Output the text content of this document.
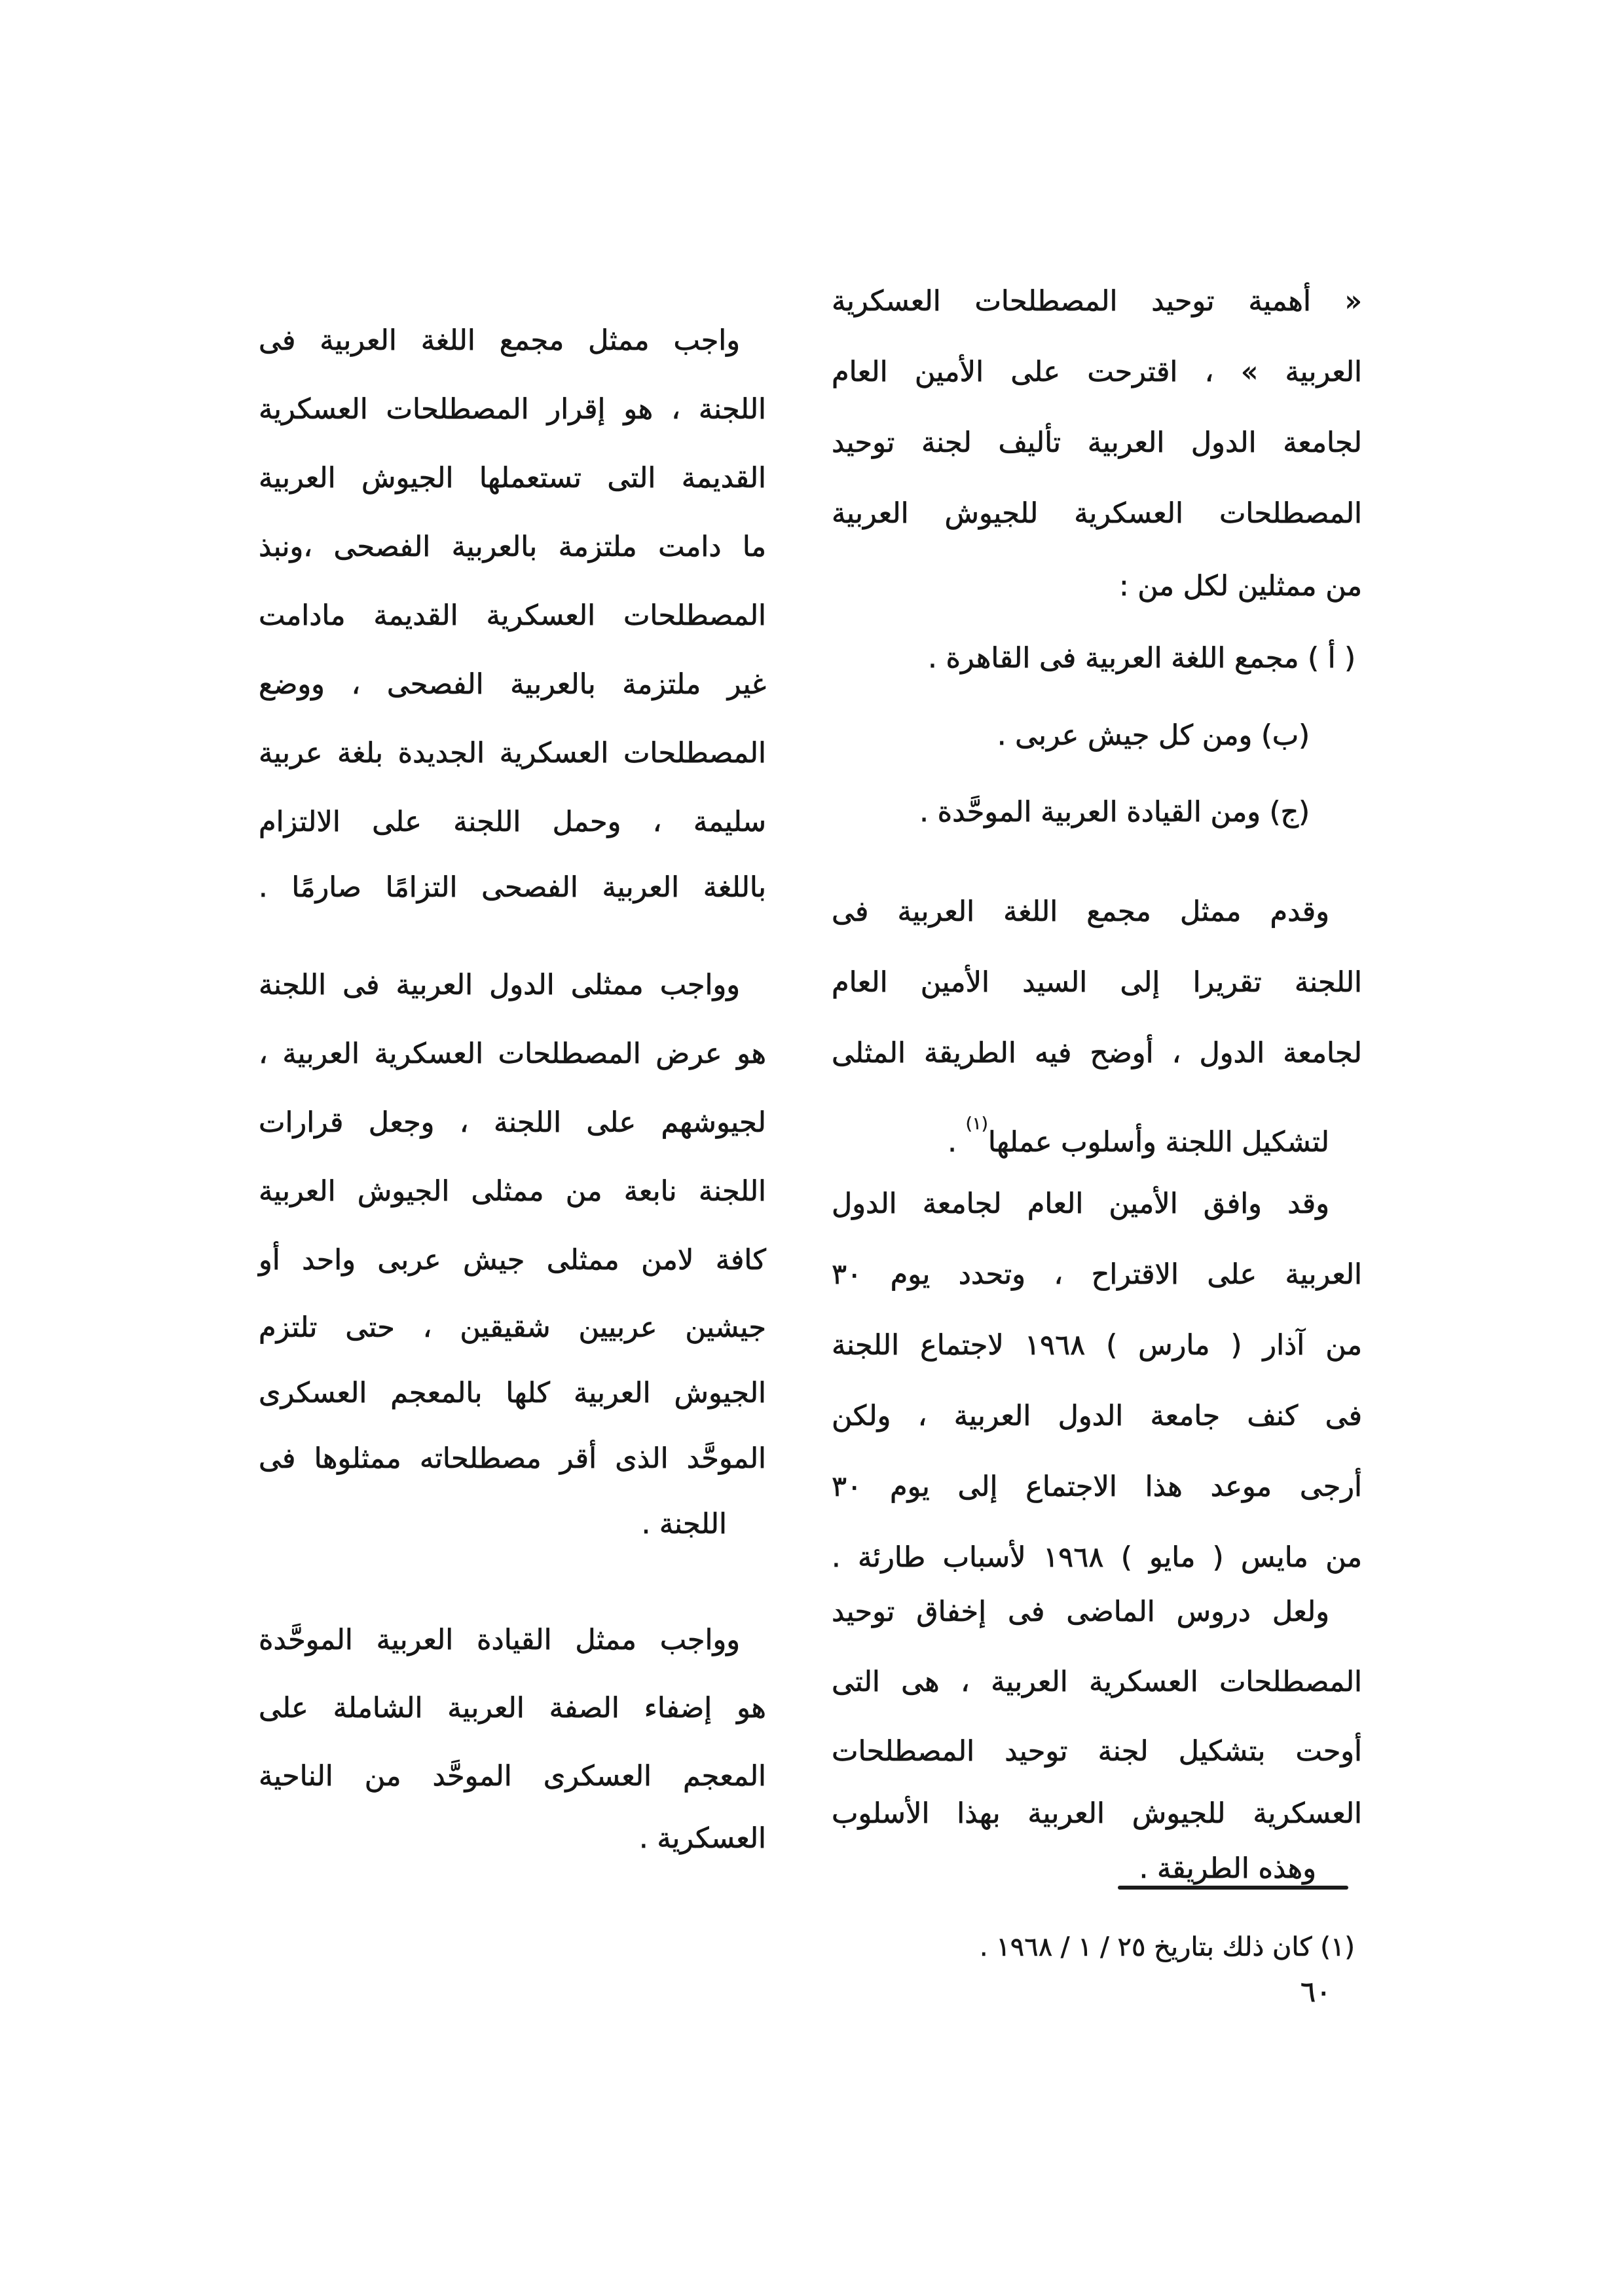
« أهمية توحيد المصطلحات العسكرية
العربية » ، اقترحت على الأمين العام
لجامعة الدول العربية تأليف لجنة توحيد
المصطلحات العسكرية للجيوش العربية
من ممثلين لكل من :
( أ ) مجمع اللغة العربية فى القاهرة .
(ب) ومن كل جيش عربى .
(ج) ومن القيادة العربية الموحَّدة .
وقدم ممثل مجمع اللغة العربية فى
اللجنة تقريرا إلى السيد الأمين العام
لجامعة الدول ، أوضح فيه الطريقة المثلى
لتشكيل اللجنة وأسلوب عملها$^{(١)}$ .
وقد وافق الأمين العام لجامعة الدول
العربية على الاقتراح ، وتحدد يوم ٣٠
من آذار ( مارس ) ١٩٦٨ لاجتماع اللجنة
فى كنف جامعة الدول العربية ، ولكن
أرجى موعد هذا الاجتماع إلى يوم ٣٠
من مايس ( مايو ) ١٩٦٨ لأسباب طارئة .
ولعل دروس الماضى فى إخفاق توحيد
المصطلحات العسكرية العربية ، هى التى
أوحت بتشكيل لجنة توحيد المصطلحات
العسكرية للجيوش العربية بهذا الأسلوب
وهذه الطريقة .
واجب ممثل مجمع اللغة العربية فى
اللجنة ، هو إقرار المصطلحات العسكرية
القديمة التى تستعملها الجيوش العربية
ما دامت ملتزمة بالعربية الفصحى ،ونبذ
المصطلحات العسكرية القديمة مادامت
غير ملتزمة بالعربية الفصحى ، ووضع
المصطلحات العسكرية الجديدة بلغة عربية
سليمة ، وحمل اللجنة على الالتزام
باللغة العربية الفصحى التزامًا صارمًا .
وواجب ممثلى الدول العربية فى اللجنة
هو عرض المصطلحات العسكرية العربية ،
لجيوشهم على اللجنة ، وجعل قرارات
اللجنة نابعة من ممثلى الجيوش العربية
كافة لامن ممثلى جيش عربى واحد أو
جيشين عربيين شقيقين ، حتى تلتزم
الجيوش العربية كلها بالمعجم العسكرى
الموحَّد الذى أقر مصطلحاته ممثلوها فى
اللجنة .
وواجب ممثل القيادة العربية الموحَّدة
هو إضفاء الصفة العربية الشاملة على
المعجم العسكرى الموحَّد من الناحية
العسكرية .
(١) كان ذلك بتاريخ ٢٥ / ١ / ١٩٦٨ .
٦٠
